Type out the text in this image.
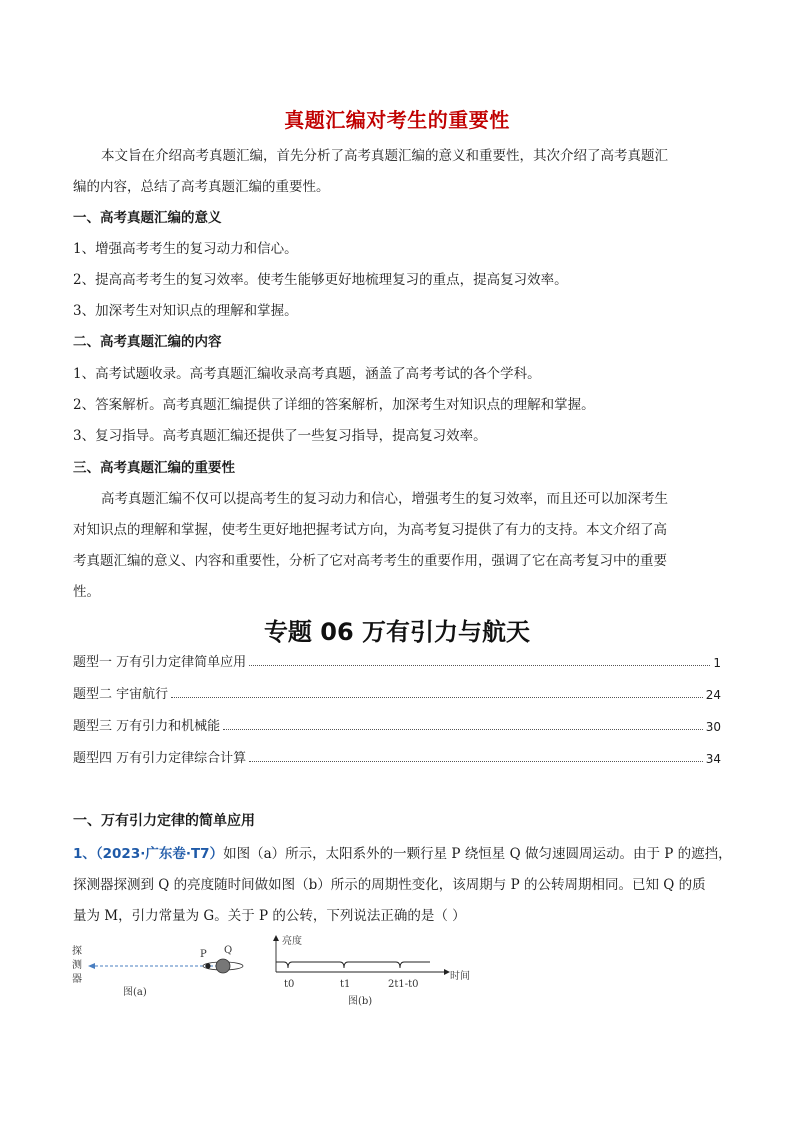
真题汇编对考生的重要性
本文旨在介绍高考真题汇编，首先分析了高考真题汇编的意义和重要性，其次介绍了高考真题汇
编的内容，总结了高考真题汇编的重要性。
一、高考真题汇编的意义
1、增强高考考生的复习动力和信心。
2、提高高考考生的复习效率。使考生能够更好地梳理复习的重点，提高复习效率。
3、加深考生对知识点的理解和掌握。
二、高考真题汇编的内容
1、高考试题收录。高考真题汇编收录高考真题，涵盖了高考考试的各个学科。
2、答案解析。高考真题汇编提供了详细的答案解析，加深考生对知识点的理解和掌握。
3、复习指导。高考真题汇编还提供了一些复习指导，提高复习效率。
三、高考真题汇编的重要性
高考真题汇编不仅可以提高考生的复习动力和信心，增强考生的复习效率，而且还可以加深考生
对知识点的理解和掌握，使考生更好地把握考试方向，为高考复习提供了有力的支持。本文介绍了高
考真题汇编的意义、内容和重要性，分析了它对高考考生的重要作用，强调了它在高考复习中的重要
性。
专题 06 万有引力与航天
题型一 万有引力定律简单应用	1
题型二 宇宙航行	24
题型三 万有引力和机械能	30
题型四 万有引力定律综合计算	34
一、万有引力定律的简单应用
1、（2023·广东卷·T7）如图（a）所示，太阳系外的一颗行星 P 绕恒星 Q 做匀速圆周运动。由于 P 的遮挡，
探测器探测到 Q 的亮度随时间做如图（b）所示的周期性变化，该周期与 P 的公转周期相同。已知 Q 的质
量为 M，引力常量为 G。关于 P 的公转，下列说法正确的是（ ）
探
测
器
P Q
图(a)
亮度
时间
t0	t1	2t1-t0
图(b)
